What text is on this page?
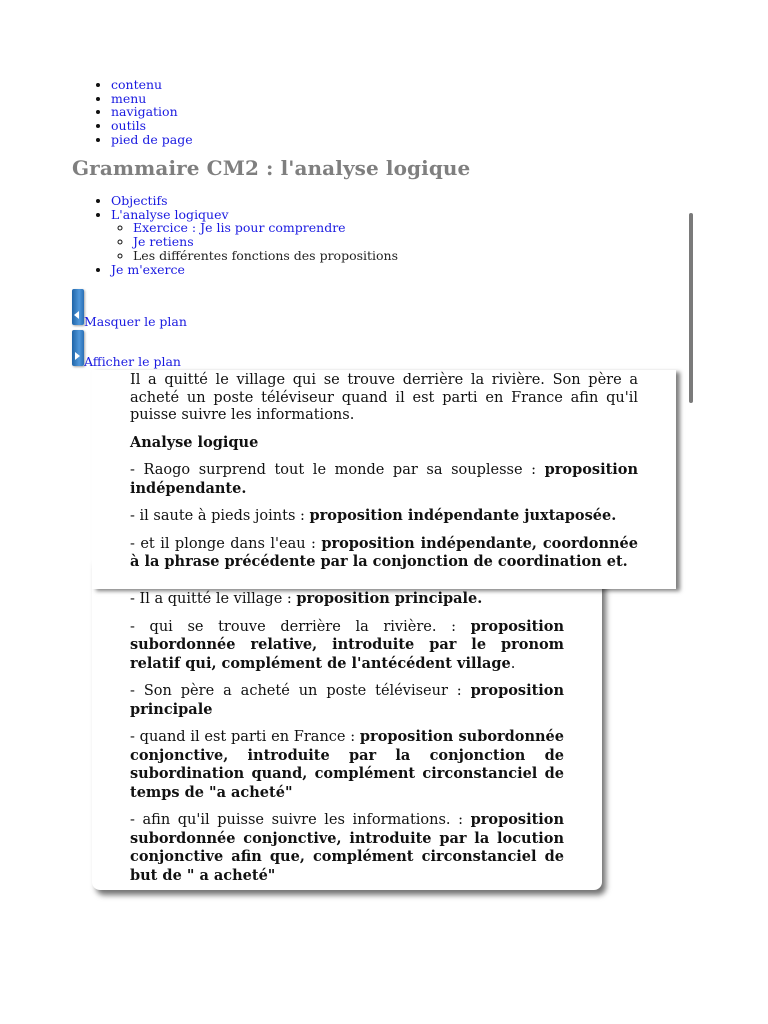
• contenu
• menu
• navigation
• outils
• pied de page
Grammaire CM2 : l'analyse logique
• Objectifs
• L'analyse logiquev
◦ Exercice : Je lis pour comprendre
◦ Je retiens
◦ Les différentes fonctions des propositions
• Je m'exerce
Masquer le plan
Afficher le plan

- Il a quitté le village : proposition principale.

- qui se trouve derrière la rivière. : proposition subordonnée relative, introduite par le pronom relatif qui, complément de l'antécédent village.

- Son père a acheté un poste téléviseur : proposition principale

- quand il est parti en France : proposition subordonnée conjonctive, introduite par la conjonction de subordination quand, complément circonstanciel de temps de "a acheté"

- afin qu'il puisse suivre les informations. : proposition subordonnée conjonctive, introduite par la locution conjonctive afin que, complément circonstanciel de but de " a acheté"

Il a quitté le village qui se trouve derrière la rivière. Son père a acheté un poste téléviseur quand il est parti en France afin qu'il puisse suivre les informations.

Analyse logique

- Raogo surprend tout le monde par sa souplesse : proposition indépendante.

- il saute à pieds joints : proposition indépendante juxtaposée.

- et il plonge dans l'eau : proposition indépendante, coordonnée à la phrase précédente par la conjonction de coordination et.
